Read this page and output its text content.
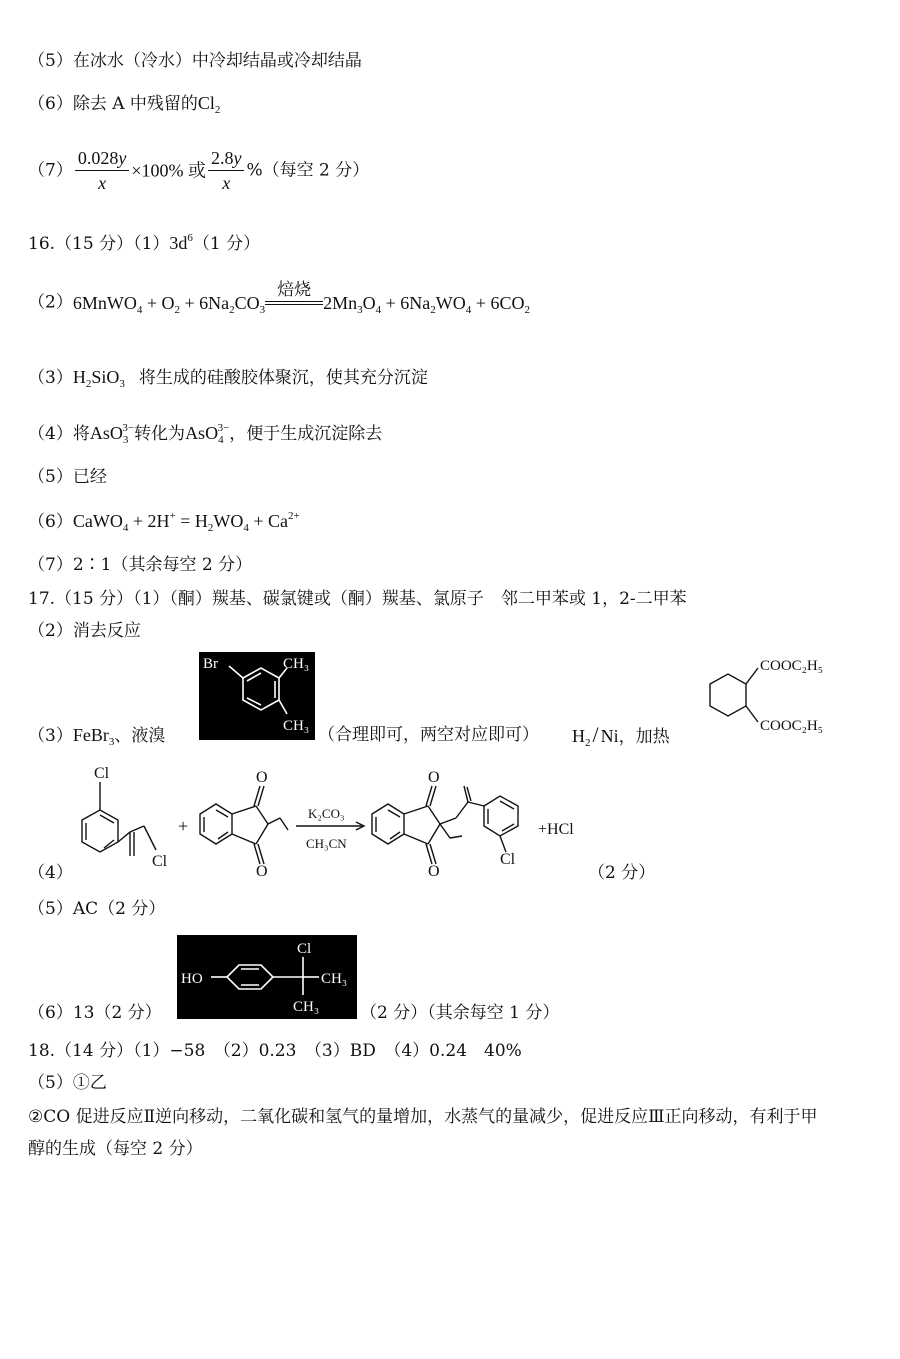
（5）在冰水（冷水）中冷却结晶或冷却结晶
（6）除去 A 中残留的$Cl_2$
$(7) \frac{0.028y}{x} \times 100\%$ 或 $\frac{2.8y}{x}$ %（每空 2 分）
16.（15 分）$(1)3d^6(1$ 分）
（2）6MnWO$_4$ + $O_2 + 6Na_2CO_3$
焙烧
$2Mn_3O_4 + 6Na_2WO_4 + 6CO_2$
$(3)H_2SiO_3$ 将生成的硅酸胶体聚沉，使其充分沉淀
（4）将AsO$_3^{3-}$转化为AsO$_4^{3-}$，便于生成沉淀除去
（5）已经
（6）CaWO$_4$ + $2H^+ = H_2WO_4 + Ca^{2+}$
（7）2∶1（其余每空 2 分）
17.（15 分）（1）（酮）羰基、碳氯键或（酮）羰基、氯原子　邻二甲苯或 1，2-二甲苯
（2）消去反应
（3）FeBr$_3$、液溴
Br	CH₃
CH₃ （合理即可，两空对应即可） $H_2/$ Ni，加热
COOC₂H₅
COOC₂H₅
Cl
Cl
+
O
O
K₂CO₃
CH₃CN
O
O
Cl
+HCl
（4）	（2 分）
（5）AC（2 分）
（6）13（2 分）
HO
Cl
CH₃
CH₃ （2 分）（其余每空 1 分）
18.（14 分）（1）−58　（2）0.23　（3）BD　（4）0.24　40%
（5）①乙
②CO 促进反应Ⅱ逆向移动，二氧化碳和氢气的量增加，水蒸气的量减少，促进反应Ⅲ正向移动，有利于甲
醇的生成（每空 2 分）
